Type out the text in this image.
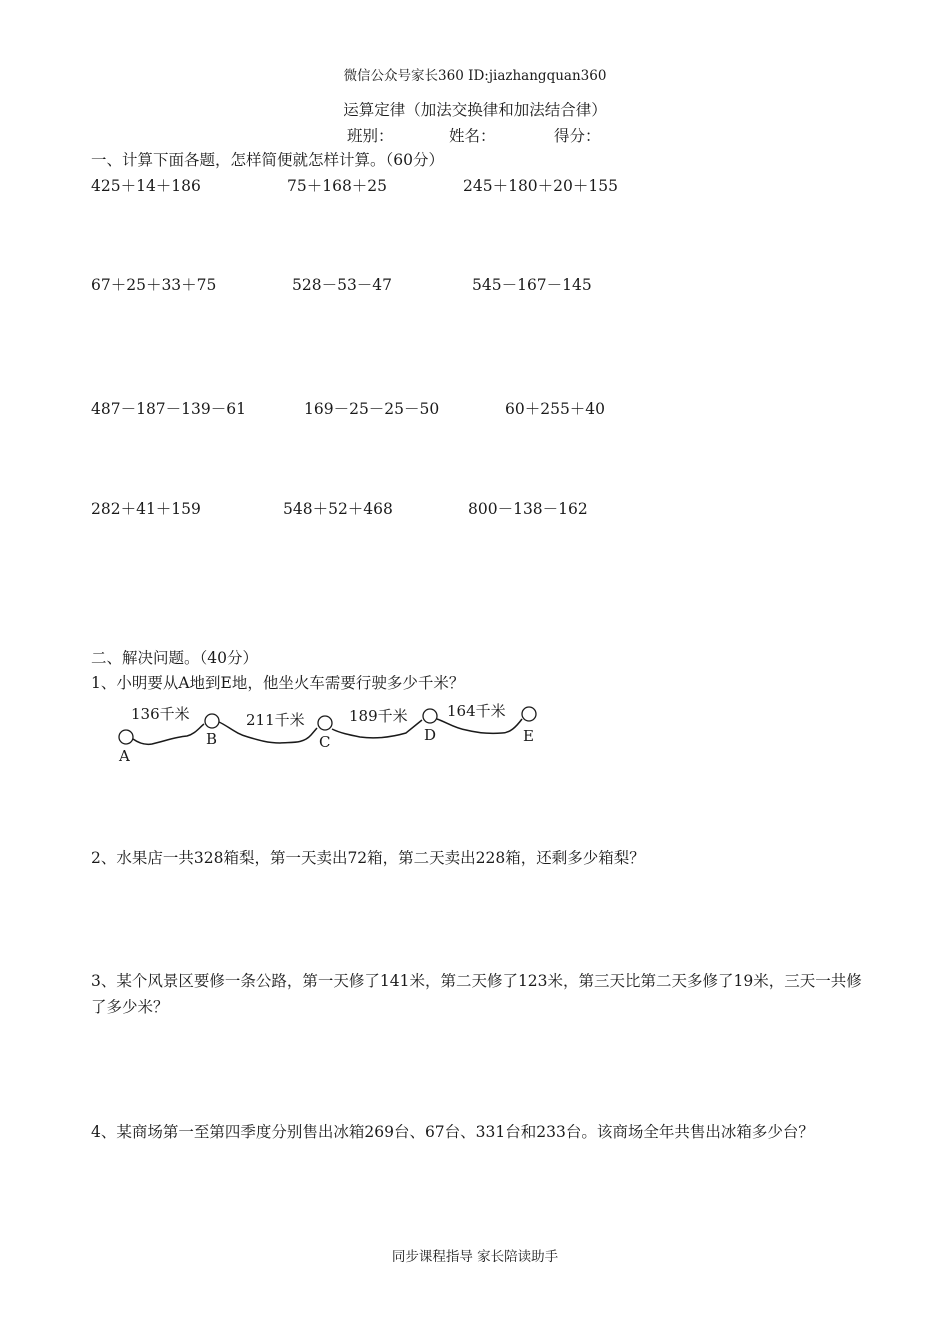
微信公众号家长360 ID:jiazhangquan360
运算定律（加法交换律和加法结合律）
班别：	姓名：	得分：
一、计算下面各题，怎样简便就怎样计算。（60分）
425＋14＋186	75＋168＋25	245＋180＋20＋155
67＋25＋33＋75	528－53－47	545－167－145
487－187－139－61	169－25－25－50	60＋255＋40
282＋41＋159	548＋52＋468	800－138－162
二、解决问题。（40分）
1、小明要从A地到E地，他坐火车需要行驶多少千米？
A
B	C	D	E
136千米	211千米	189千米	164千米
2、水果店一共328箱梨，第一天卖出72箱，第二天卖出228箱，还剩多少箱梨？
3、某个风景区要修一条公路，第一天修了141米，第二天修了123米，第三天比第二天多修了19米，三天一共修了多少米？
4、某商场第一至第四季度分别售出冰箱269台、67台、331台和233台。该商场全年共售出冰箱多少台？
同步课程指导 家长陪读助手
